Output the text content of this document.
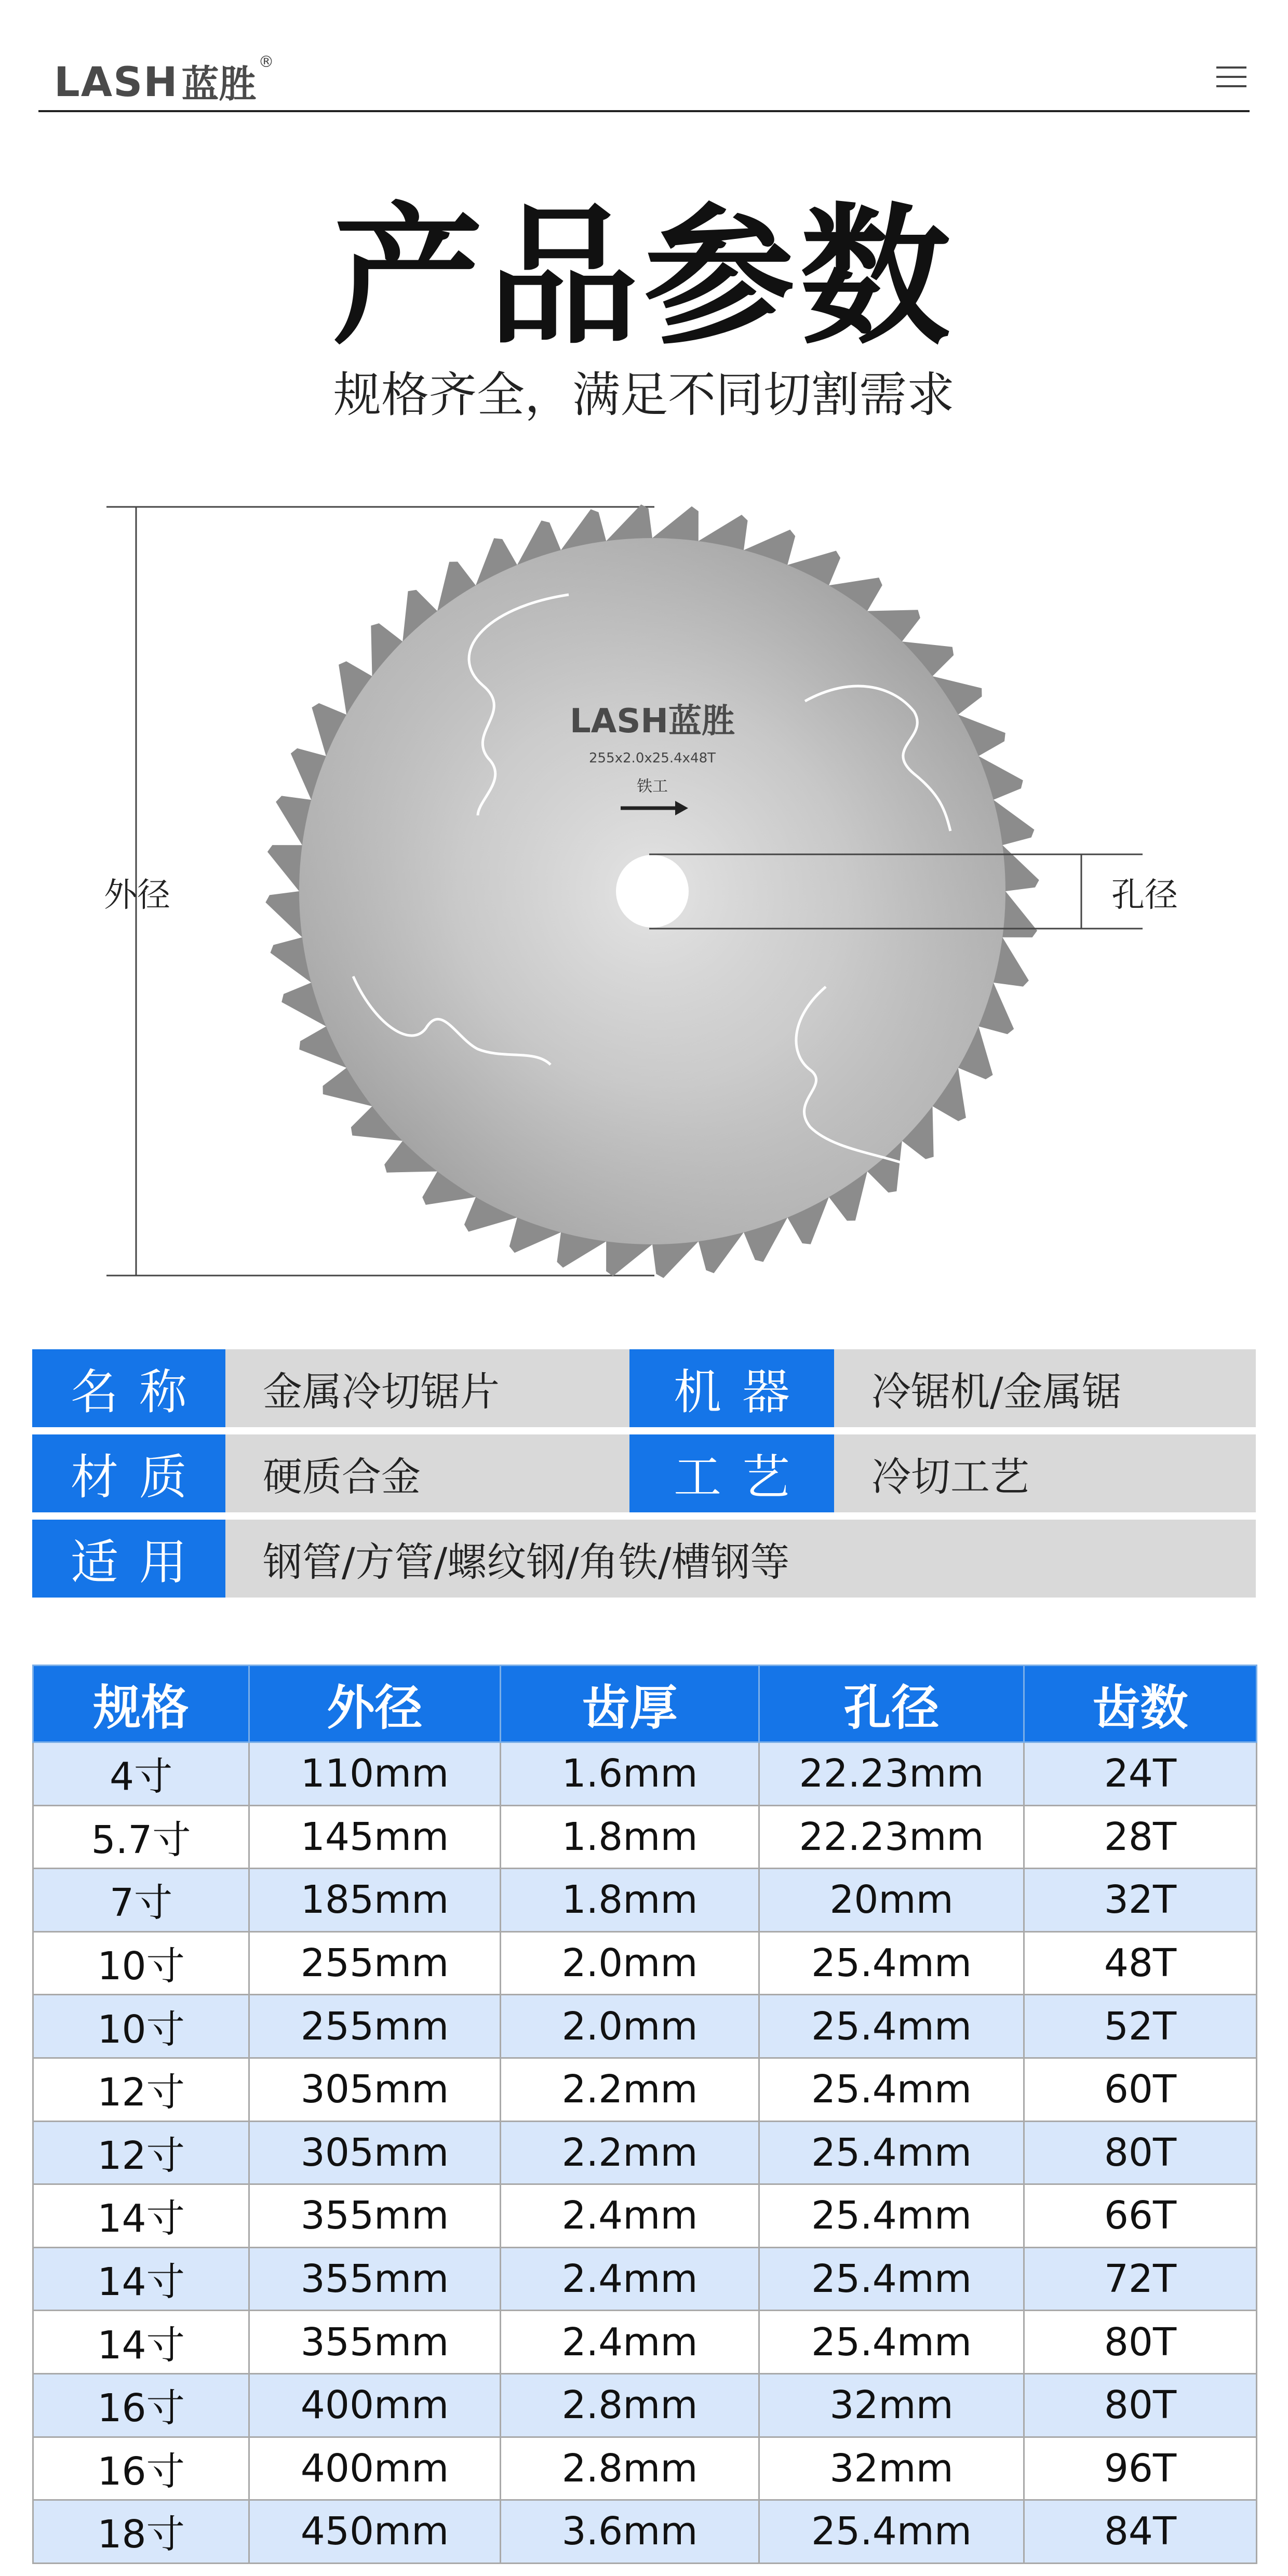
LASH 蓝胜
®
产品参数
规格齐全，满足不同切割需求
LASH蓝胜
255x2.0x25.4x48T
铁工
外径	孔径
名称	金属冷切锯片	机器	冷锯机/金属锯
材质	硬质合金	工艺	冷切工艺
适用	钢管/方管/螺纹钢/角铁/槽钢等
规格	外径	齿厚	孔径	齿数
4寸	110mm	1.6mm	22.23mm	24T
5.7寸	145mm	1.8mm	22.23mm	28T
7寸	185mm	1.8mm	20mm	32T
10寸	255mm	2.0mm	25.4mm	48T
10寸	255mm	2.0mm	25.4mm	52T
12寸	305mm	2.2mm	25.4mm	60T
12寸	305mm	2.2mm	25.4mm	80T
14寸	355mm	2.4mm	25.4mm	66T
14寸	355mm	2.4mm	25.4mm	72T
14寸	355mm	2.4mm	25.4mm	80T
16寸	400mm	2.8mm	32mm	80T
16寸	400mm	2.8mm	32mm	96T
18寸	450mm	3.6mm	25.4mm	84T
